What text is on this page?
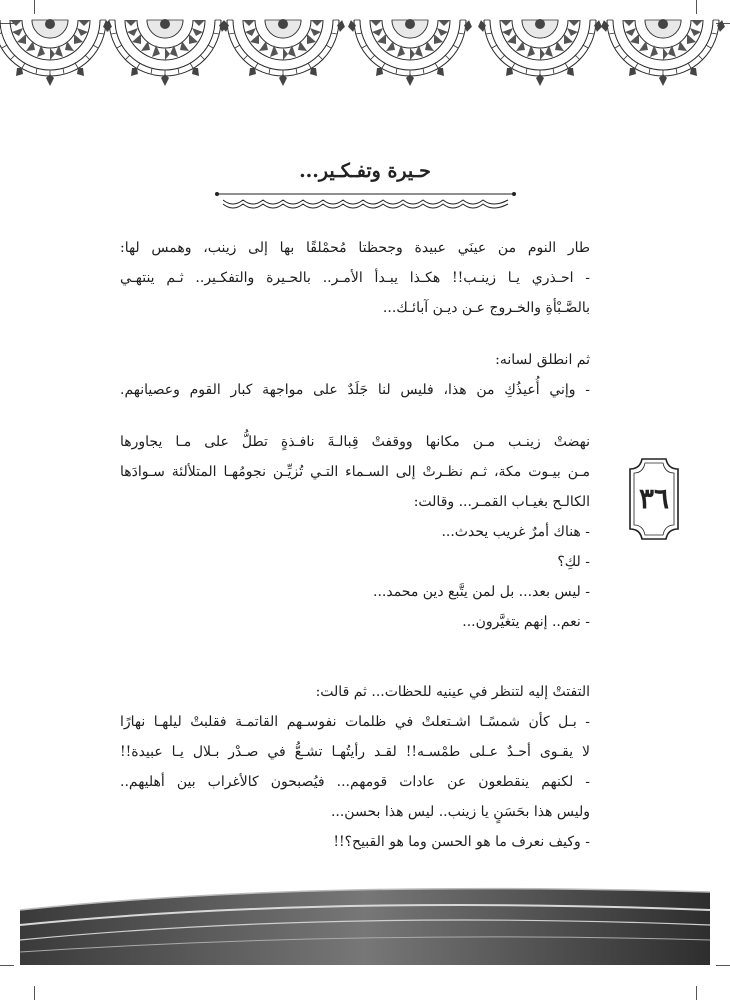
حـيرة وتفـكـير...
طار النوم من عينَي عبيدة وجحظتا مُحمْلقًا بها إلى زينب، وهمس لها:
- احـذري يـا زينـب!! هكـذا يبـدأ الأمـر.. بالحـيرة والتفكـير.. ثـم ينتهـي
بالصَّـبْأةِ والخـروج عـن ديـن آبائـك...
ثم انطلق لسانه:
- وإني أُعيذُكِ من هذا، فليس لنا جَلَدٌ على مواجهة كبار القوم وعصيانهم.
نهضتْ زينـب مـن مكانها ووقفتْ قِبالـةَ نافـذةٍ تطلُّ على مـا يجاورها
مـن بيـوت مكة، ثـم نظـرتْ إلى السـماء التـي تُزيِّـن نجومُهـا المتلألئة سـوادَها
الكالـح بغيـاب القمـر... وقالت:
- هناك أمرٌ غريب يحدث...
- لكِ؟
- ليس بعد... بل لمن يتَّبع دين محمد...
- نعم.. إنهم يتغيَّرون...
التفتتْ إليه لتنظر في عينيه للحظات... ثم قالت:
- بـل كأن شمسًـا اشـتعلتْ في ظلمات نفوسـهم القاتمـة فقلبتْ ليلهـا نهارًا
لا يقـوى أحـدٌ عـلى طمْسـه!! لقـد رأيتُهـا تشـعُّ في صـدْر بـلال يـا عبيدة!!
- لكنهم ينقطعون عن عادات قومهم... فيُصبحون كالأغراب بين أهليهم..
وليس هذا بحَسَنٍ يا زينب.. ليس هذا بحسن...
- وكيف نعرف ما هو الحسن وما هو القبيح؟!!
٣٦
